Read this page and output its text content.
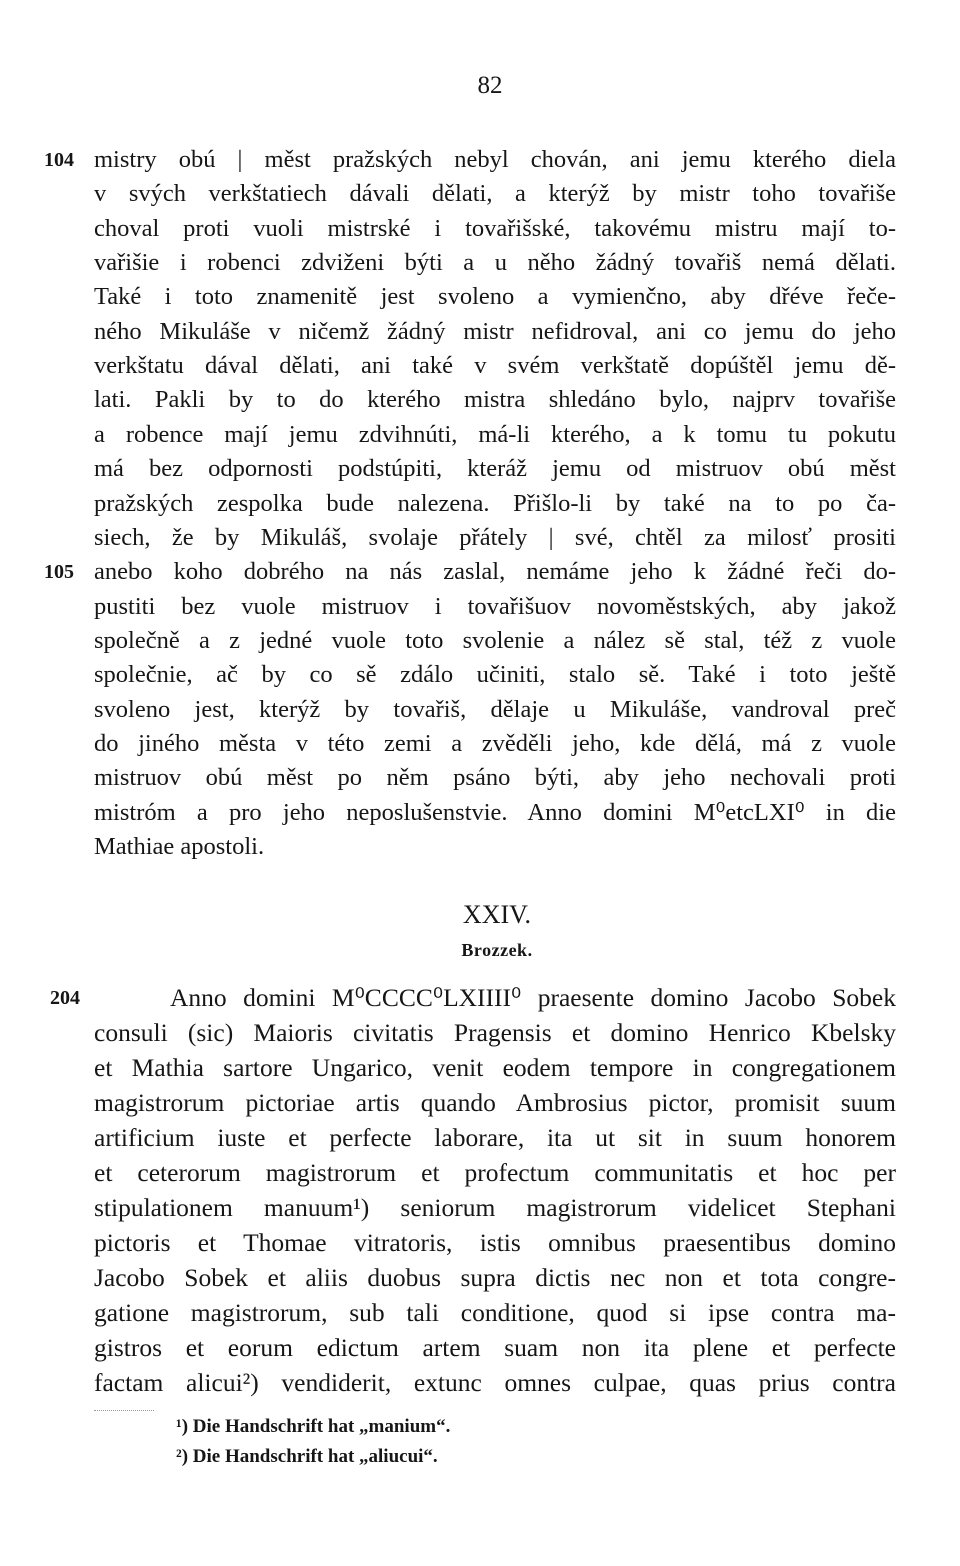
82
mistry obú | měst pražských nebyl chován, ani jemu kterého diela
v svých verkštatiech dávali dělati, a kterýž by mistr toho tovařiše
choval proti vuoli mistrské i tovařišské, takovému mistru mají to-
vařišie i robenci zdviženi býti a u něho žádný tovařiš nemá dělati.
Také i toto znamenitě jest svoleno a vymienčno, aby dřéve řeče-
ného Mikuláše v ničemž žádný mistr nefidroval, ani co jemu do jeho
verkštatu dával dělati, ani také v svém verkštatě dopúštěl jemu dě-
lati. Pakli by to do kterého mistra shledáno bylo, najprv tovařiše
a robence mají jemu zdvihnúti, má-li kterého, a k tomu tu pokutu
má bez odpornosti podstúpiti, kteráž jemu od mistruov obú měst
pražských zespolka bude nalezena. Přišlo-li by také na to po ča-
siech, že by Mikuláš, svolaje přátely | své, chtěl za milosť prositi
anebo koho dobrého na nás zaslal, nemáme jeho k žádné řeči do-
pustiti bez vuole mistruov i tovařišuov novoměstských, aby jakož
společně a z jedné vuole toto svolenie a nález sě stal, též z vuole
společnie, ač by co sě zdálo učiniti, stalo sě. Také i toto ještě
svoleno jest, kterýž by tovařiš, dělaje u Mikuláše, vandroval preč
do jiného města v této zemi a zvěděli jeho, kde dělá, má z vuole
mistruov obú měst po něm psáno býti, aby jeho nechovali proti
mistróm a pro jeho neposlušenstvie. Anno domini M⁰etcLXI⁰ in die
Mathiae apostoli.
104
105
XXIV.
Brozzek.
Anno domini M⁰CCCC⁰LXIIII⁰ praesente domino Jacobo Sobek
consuli (sic) Maioris civitatis Pragensis et domino Henrico Kbelsky
et Mathia sartore Ungarico, venit eodem tempore in congregationem
magistrorum pictoriae artis quando Ambrosius pictor, promisit suum
artificium iuste et perfecte laborare, ita ut sit in suum honorem
et ceterorum magistrorum et profectum communitatis et hoc per
stipulationem manuum¹) seniorum magistrorum videlicet Stephani
pictoris et Thomae vitratoris, istis omnibus praesentibus domino
Jacobo Sobek et aliis duobus supra dictis nec non et tota congre-
gatione magistrorum, sub tali conditione, quod si ipse contra ma-
gistros et eorum edictum artem suam non ita plene et perfecte
factam alicui²) vendiderit, extunc omnes culpae, quas prius contra
204
¹) Die Handschrift hat „manium“.
²) Die Handschrift hat „aliucui“.
